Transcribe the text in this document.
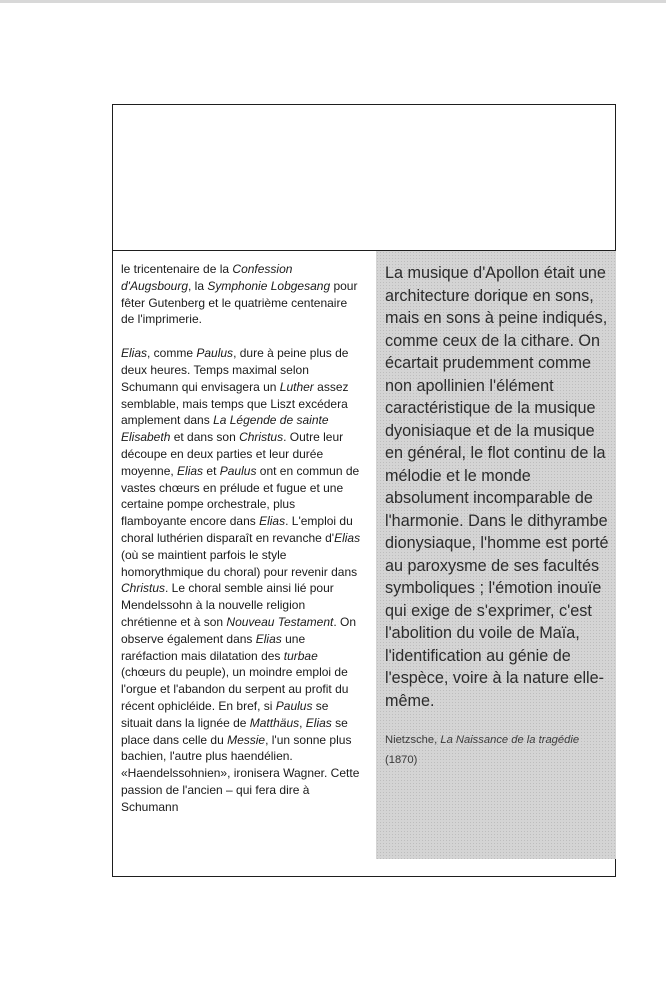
le tricentenaire de la Confession d'Augsbourg, la Symphonie Lobgesang pour fêter Gutenberg et le quatrième centenaire de l'imprimerie.

Elias, comme Paulus, dure à peine plus de deux heures. Temps maximal selon Schumann qui envisagera un Luther assez semblable, mais temps que Liszt excédera amplement dans La Légende de sainte Elisabeth et dans son Christus. Outre leur découpe en deux parties et leur durée moyenne, Elias et Paulus ont en commun de vastes chœurs en prélude et fugue et une certaine pompe orchestrale, plus flamboyante encore dans Elias. L'emploi du choral luthérien disparaît en revanche d'Elias (où se maintient parfois le style homorythmique du choral) pour revenir dans Christus. Le choral semble ainsi lié pour Mendelssohn à la nouvelle religion chrétienne et à son Nouveau Testament. On observe également dans Elias une raréfaction mais dilatation des turbae (chœurs du peuple), un moindre emploi de l'orgue et l'abandon du serpent au profit du récent ophicléide. En bref, si Paulus se situait dans la lignée de Matthäus, Elias se place dans celle du Messie, l'un sonne plus bachien, l'autre plus haendélien. «Haendelssohnien», ironisera Wagner. Cette passion de l'ancien – qui fera dire à Schumann

La musique d'Apollon était une architecture dorique en sons, mais en sons à peine indiqués, comme ceux de la cithare. On écartait prudemment comme non apollinien l'élément caractéristique de la musique dyonisiaque et de la musique en général, le flot continu de la mélodie et le monde absolument incomparable de l'harmonie. Dans le dithyrambe dionysiaque, l'homme est porté au paroxysme de ses facultés symboliques ; l'émotion inouïe qui exige de s'exprimer, c'est l'abolition du voile de Maïa, l'identification au génie de l'espèce, voire à la nature elle-même.
Nietzsche, La Naissance de la tragédie
(1870)
